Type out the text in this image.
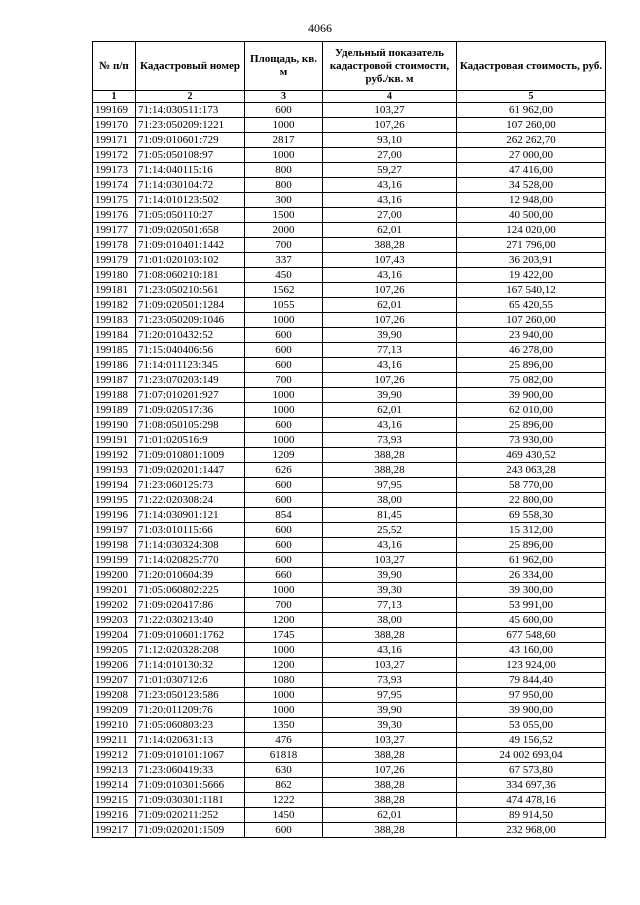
4066
№ п/п	Кадастровый номер	Площадь, кв. м	Удельный показатель кадастровой стоимости, руб./кв. м	Кадастровая стоимость, руб.
1	2	3	4	5
199169	71:14:030511:173	600	103,27	61 962,00
199170	71:23:050209:1221	1000	107,26	107 260,00
199171	71:09:010601:729	2817	93,10	262 262,70
199172	71:05:050108:97	1000	27,00	27 000,00
199173	71:14:040115:16	800	59,27	47 416,00
199174	71:14:030104:72	800	43,16	34 528,00
199175	71:14:010123:502	300	43,16	12 948,00
199176	71:05:050110:27	1500	27,00	40 500,00
199177	71:09:020501:658	2000	62,01	124 020,00
199178	71:09:010401:1442	700	388,28	271 796,00
199179	71:01:020103:102	337	107,43	36 203,91
199180	71:08:060210:181	450	43,16	19 422,00
199181	71:23:050210:561	1562	107,26	167 540,12
199182	71:09:020501:1284	1055	62,01	65 420,55
199183	71:23:050209:1046	1000	107,26	107 260,00
199184	71:20:010432:52	600	39,90	23 940,00
199185	71:15:040406:56	600	77,13	46 278,00
199186	71:14:011123:345	600	43,16	25 896,00
199187	71:23:070203:149	700	107,26	75 082,00
199188	71:07:010201:927	1000	39,90	39 900,00
199189	71:09:020517:36	1000	62,01	62 010,00
199190	71:08:050105:298	600	43,16	25 896,00
199191	71:01:020516:9	1000	73,93	73 930,00
199192	71:09:010801:1009	1209	388,28	469 430,52
199193	71:09:020201:1447	626	388,28	243 063,28
199194	71:23:060125:73	600	97,95	58 770,00
199195	71:22:020308:24	600	38,00	22 800,00
199196	71:14:030901:121	854	81,45	69 558,30
199197	71:03:010115:66	600	25,52	15 312,00
199198	71:14:030324:308	600	43,16	25 896,00
199199	71:14:020825:770	600	103,27	61 962,00
199200	71:20:010604:39	660	39,90	26 334,00
199201	71:05:060802:225	1000	39,30	39 300,00
199202	71:09:020417:86	700	77,13	53 991,00
199203	71:22:030213:40	1200	38,00	45 600,00
199204	71:09:010601:1762	1745	388,28	677 548,60
199205	71:12:020328:208	1000	43,16	43 160,00
199206	71:14:010130:32	1200	103,27	123 924,00
199207	71:01:030712:6	1080	73,93	79 844,40
199208	71:23:050123:586	1000	97,95	97 950,00
199209	71:20:011209:76	1000	39,90	39 900,00
199210	71:05:060803:23	1350	39,30	53 055,00
199211	71:14:020631:13	476	103,27	49 156,52
199212	71:09:010101:1067	61818	388,28	24 002 693,04
199213	71:23:060419:33	630	107,26	67 573,80
199214	71:09:010301:5666	862	388,28	334 697,36
199215	71:09:030301:1181	1222	388,28	474 478,16
199216	71:09:020211:252	1450	62,01	89 914,50
199217	71:09:020201:1509	600	388,28	232 968,00
